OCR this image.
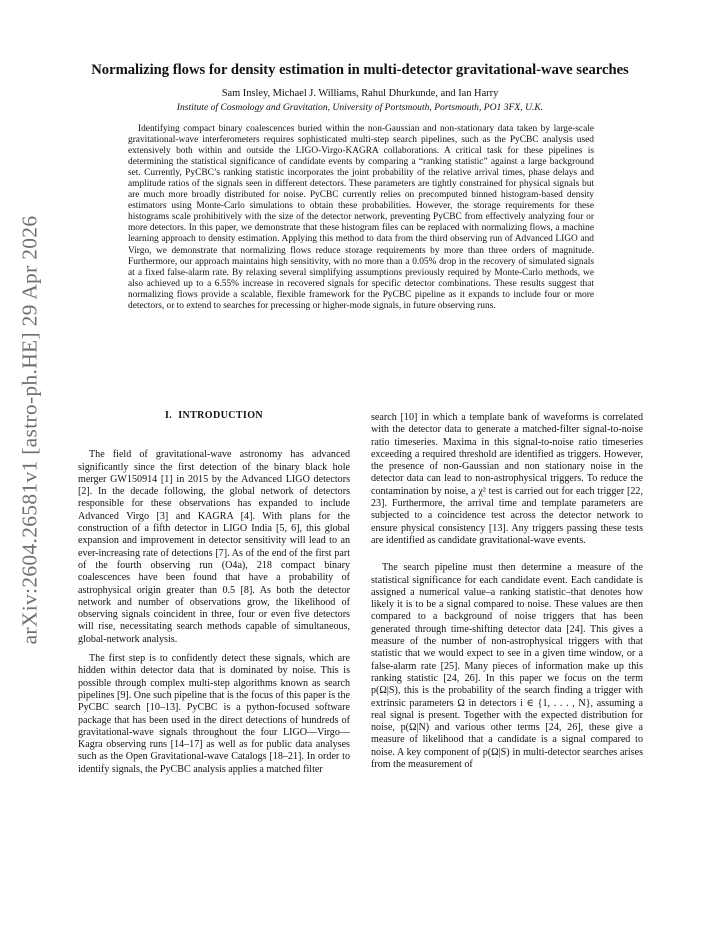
arXiv:2604.26581v1 [astro-ph.HE] 29 Apr 2026
Normalizing flows for density estimation in multi-detector gravitational-wave searches
Sam Insley, Michael J. Williams, Rahul Dhurkunde, and Ian Harry
Institute of Cosmology and Gravitation, University of Portsmouth, Portsmouth, PO1 3FX, U.K.

Identifying compact binary coalescences buried within the non-Gaussian and non-stationary data taken by large-scale gravitational-wave interferometers requires sophisticated multi-step search pipelines, such as the PyCBC analysis used extensively both within and outside the LIGO-Virgo-KAGRA collaborations. A critical task for these pipelines is determining the statistical significance of candidate events by comparing a “ranking statistic” against a large background set. Currently, PyCBC’s ranking statistic incorporates the joint probability of the relative arrival times, phase delays and amplitude ratios of the signals seen in different detectors. These parameters are tightly constrained for physical signals but are much more broadly distributed for noise. PyCBC currently relies on precomputed binned histogram-based density estimators using Monte-Carlo simulations to obtain these probabilities. However, the storage requirements for these histograms scale prohibitively with the size of the detector network, preventing PyCBC from effectively analyzing four or more detectors. In this paper, we demonstrate that these histogram files can be replaced with normalizing flows, a machine learning approach to density estimation. Applying this method to data from the third observing run of Advanced LIGO and Virgo, we demonstrate that normalizing flows reduce storage requirements by more than three orders of magnitude. Furthermore, our approach maintains high sensitivity, with no more than a 0.05% drop in the recovery of simulated signals at a fixed false-alarm rate. By relaxing several simplifying assumptions previously required by Monte-Carlo methods, we also achieved up to a 6.55% increase in recovered signals for specific detector combinations. These results suggest that normalizing flows provide a scalable, flexible framework for the PyCBC pipeline as it expands to include four or more detectors, or to extend to searches for precessing or higher-mode signals, in future observing runs.

I. INTRODUCTION

The field of gravitational-wave astronomy has advanced significantly since the first detection of the binary black hole merger GW150914 [1] in 2015 by the Advanced LIGO detectors [2]. In the decade following, the global network of detectors responsible for these observations has expanded to include Advanced Virgo [3] and KAGRA [4]. With plans for the construction of a fifth detector in LIGO India [5, 6], this global expansion and improvement in detector sensitivity will lead to an ever-increasing rate of detections [7]. As of the end of the first part of the fourth observing run (O4a), 218 compact binary coalescences have been found that have a probability of astrophysical origin greater than 0.5 [8]. As both the detector network and number of observations grow, the likelihood of observing signals coincident in three, four or even five detectors will rise, necessitating search methods capable of simultaneous, global-network analysis.

The first step is to confidently detect these signals, which are hidden within detector data that is dominated by noise. This is possible through complex multi-step algorithms known as search pipelines [9]. One such pipeline that is the focus of this paper is the PyCBC search [10–13]. PyCBC is a python-focused software package that has been used in the direct detections of hundreds of gravitational-wave signals throughout the four LIGO—Virgo—Kagra observing runs [14–17] as well as for public data analyses such as the Open Gravitational-wave Catalogs [18–21]. In order to identify signals, the PyCBC analysis applies a matched filter

search [10] in which a template bank of waveforms is correlated with the detector data to generate a matched-filter signal-to-noise ratio timeseries. Maxima in this signal-to-noise ratio timeseries exceeding a required threshold are identified as triggers. However, the presence of non-Gaussian and non stationary noise in the detector data can lead to non-astrophysical triggers. To reduce the contamination by noise, a χ² test is carried out for each trigger [22, 23]. Furthermore, the arrival time and template parameters are subjected to a coincidence test across the detector network to ensure physical consistency [13]. Any triggers passing these tests are identified as candidate gravitational-wave events.

The search pipeline must then determine a measure of the statistical significance for each candidate event. Each candidate is assigned a numerical value–a ranking statistic–that denotes how likely it is to be a signal compared to noise. These values are then compared to a background of noise triggers that has been generated through time-shifting detector data [24]. This gives a measure of the number of non-astrophysical triggers with that statistic that we would expect to see in a given time window, or a false-alarm rate [25]. Many pieces of information make up this ranking statistic [24, 26]. In this paper we focus on the term p(Ω|S), this is the probability of the search finding a trigger with extrinsic parameters Ω in detectors i ∈ {1, . . . , N}, assuming a real signal is present. Together with the expected distribution for noise, p(Ω|N) and various other terms [24, 26], these give a measure of likelihood that a candidate is a signal compared to noise. A key component of p(Ω|S) in multi-detector searches arises from the measurement of
